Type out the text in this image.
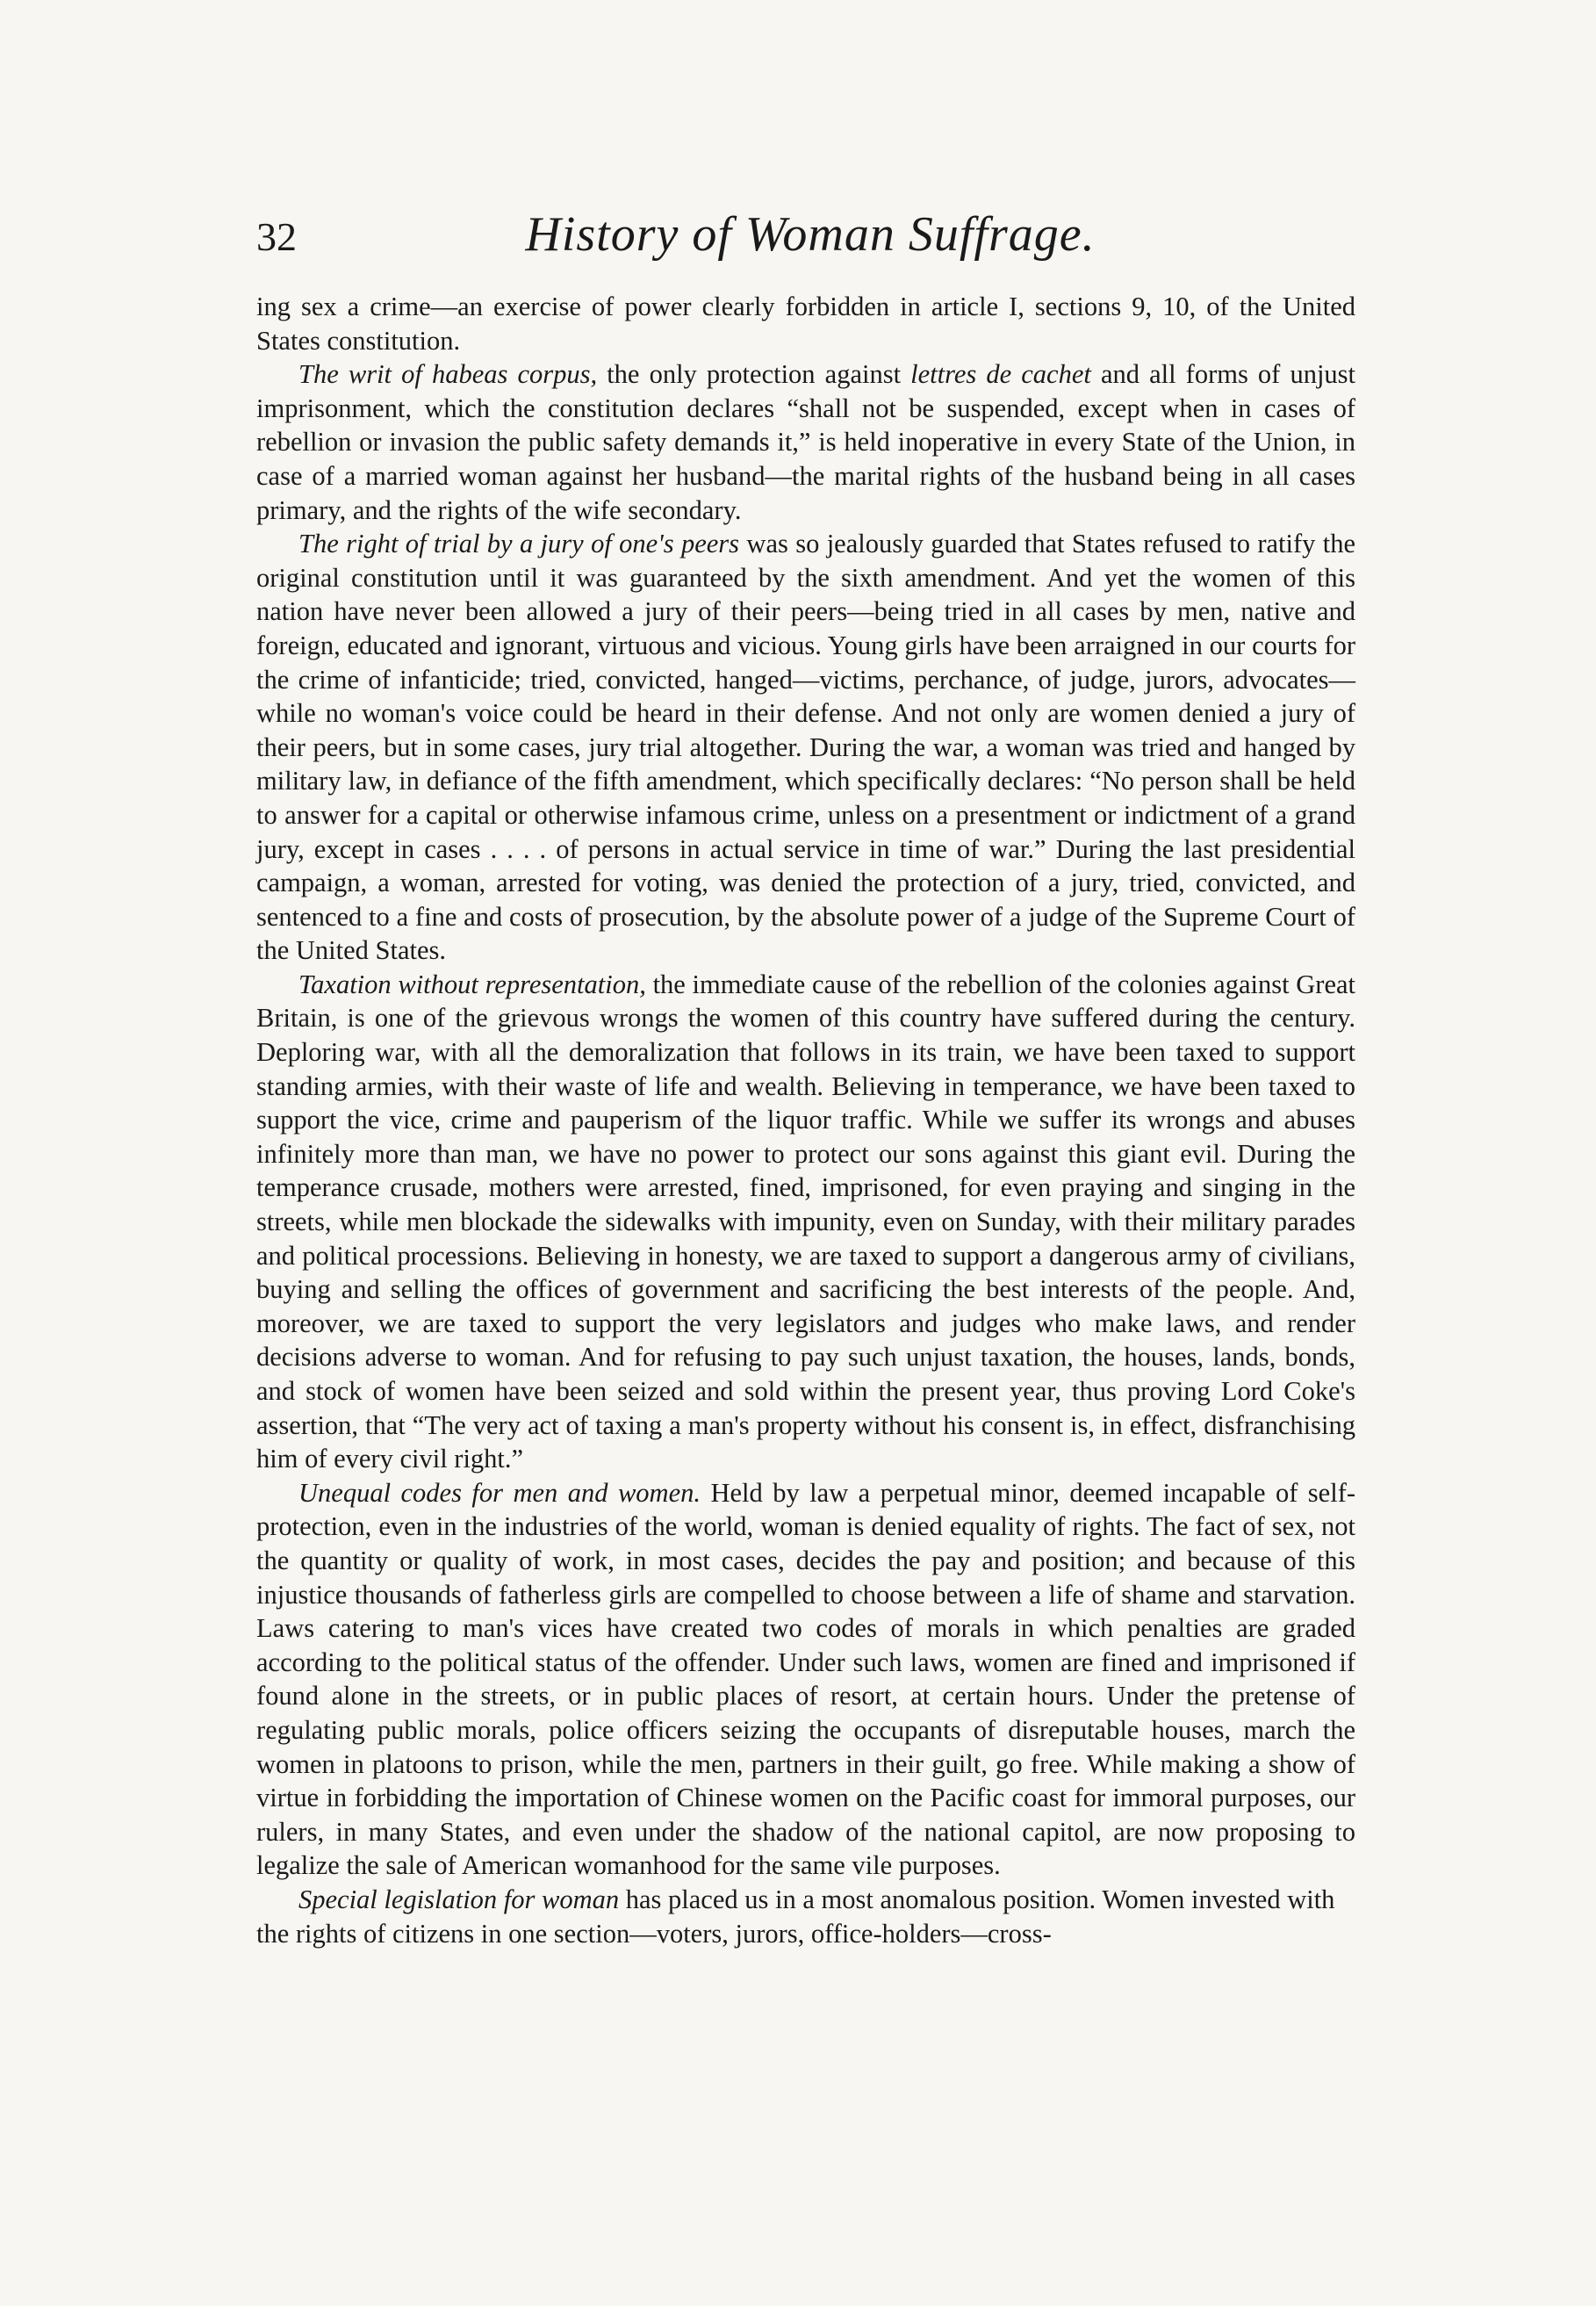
32	History of Woman Suffrage.

ing sex a crime—an exercise of power clearly forbidden in article I, sections 9, 10, of the United States constitution.

The writ of habeas corpus, the only protection against lettres de cachet and all forms of unjust imprisonment, which the constitution declares “shall not be suspended, except when in cases of rebellion or invasion the public safety demands it,” is held inoperative in every State of the Union, in case of a married woman against her husband—the marital rights of the husband being in all cases primary, and the rights of the wife secondary.

The right of trial by a jury of one's peers was so jealously guarded that States refused to ratify the original constitution until it was guaranteed by the sixth amendment. And yet the women of this nation have never been allowed a jury of their peers—being tried in all cases by men, native and foreign, educated and ignorant, virtuous and vicious. Young girls have been arraigned in our courts for the crime of infanticide; tried, convicted, hanged—victims, perchance, of judge, jurors, advocates—while no woman's voice could be heard in their defense. And not only are women denied a jury of their peers, but in some cases, jury trial altogether. During the war, a woman was tried and hanged by military law, in defiance of the fifth amendment, which specifically declares: “No person shall be held to answer for a capital or otherwise infamous crime, unless on a presentment or indictment of a grand jury, except in cases . . . . of persons in actual service in time of war.” During the last presidential campaign, a woman, arrested for voting, was denied the protection of a jury, tried, convicted, and sentenced to a fine and costs of prosecution, by the absolute power of a judge of the Supreme Court of the United States.

Taxation without representation, the immediate cause of the rebellion of the colonies against Great Britain, is one of the grievous wrongs the women of this country have suffered during the century. Deploring war, with all the demoralization that follows in its train, we have been taxed to support standing armies, with their waste of life and wealth. Believing in temperance, we have been taxed to support the vice, crime and pauperism of the liquor traffic. While we suffer its wrongs and abuses infinitely more than man, we have no power to protect our sons against this giant evil. During the temperance crusade, mothers were arrested, fined, imprisoned, for even praying and singing in the streets, while men blockade the sidewalks with impunity, even on Sunday, with their military parades and political processions. Believing in honesty, we are taxed to support a dangerous army of civilians, buying and selling the offices of government and sacrificing the best interests of the people. And, moreover, we are taxed to support the very legislators and judges who make laws, and render decisions adverse to woman. And for refusing to pay such unjust taxation, the houses, lands, bonds, and stock of women have been seized and sold within the present year, thus proving Lord Coke's assertion, that “The very act of taxing a man's property without his consent is, in effect, disfranchising him of every civil right.”

Unequal codes for men and women. Held by law a perpetual minor, deemed incapable of self-protection, even in the industries of the world, woman is denied equality of rights. The fact of sex, not the quantity or quality of work, in most cases, decides the pay and position; and because of this injustice thousands of fatherless girls are compelled to choose between a life of shame and starvation. Laws catering to man's vices have created two codes of morals in which penalties are graded according to the political status of the offender. Under such laws, women are fined and imprisoned if found alone in the streets, or in public places of resort, at certain hours. Under the pretense of regulating public morals, police officers seizing the occupants of disreputable houses, march the women in platoons to prison, while the men, partners in their guilt, go free. While making a show of virtue in forbidding the importation of Chinese women on the Pacific coast for immoral purposes, our rulers, in many States, and even under the shadow of the national capitol, are now proposing to legalize the sale of American womanhood for the same vile purposes.

Special legislation for woman has placed us in a most anomalous position. Women invested with the rights of citizens in one section—voters, jurors, office-holders—cross-
